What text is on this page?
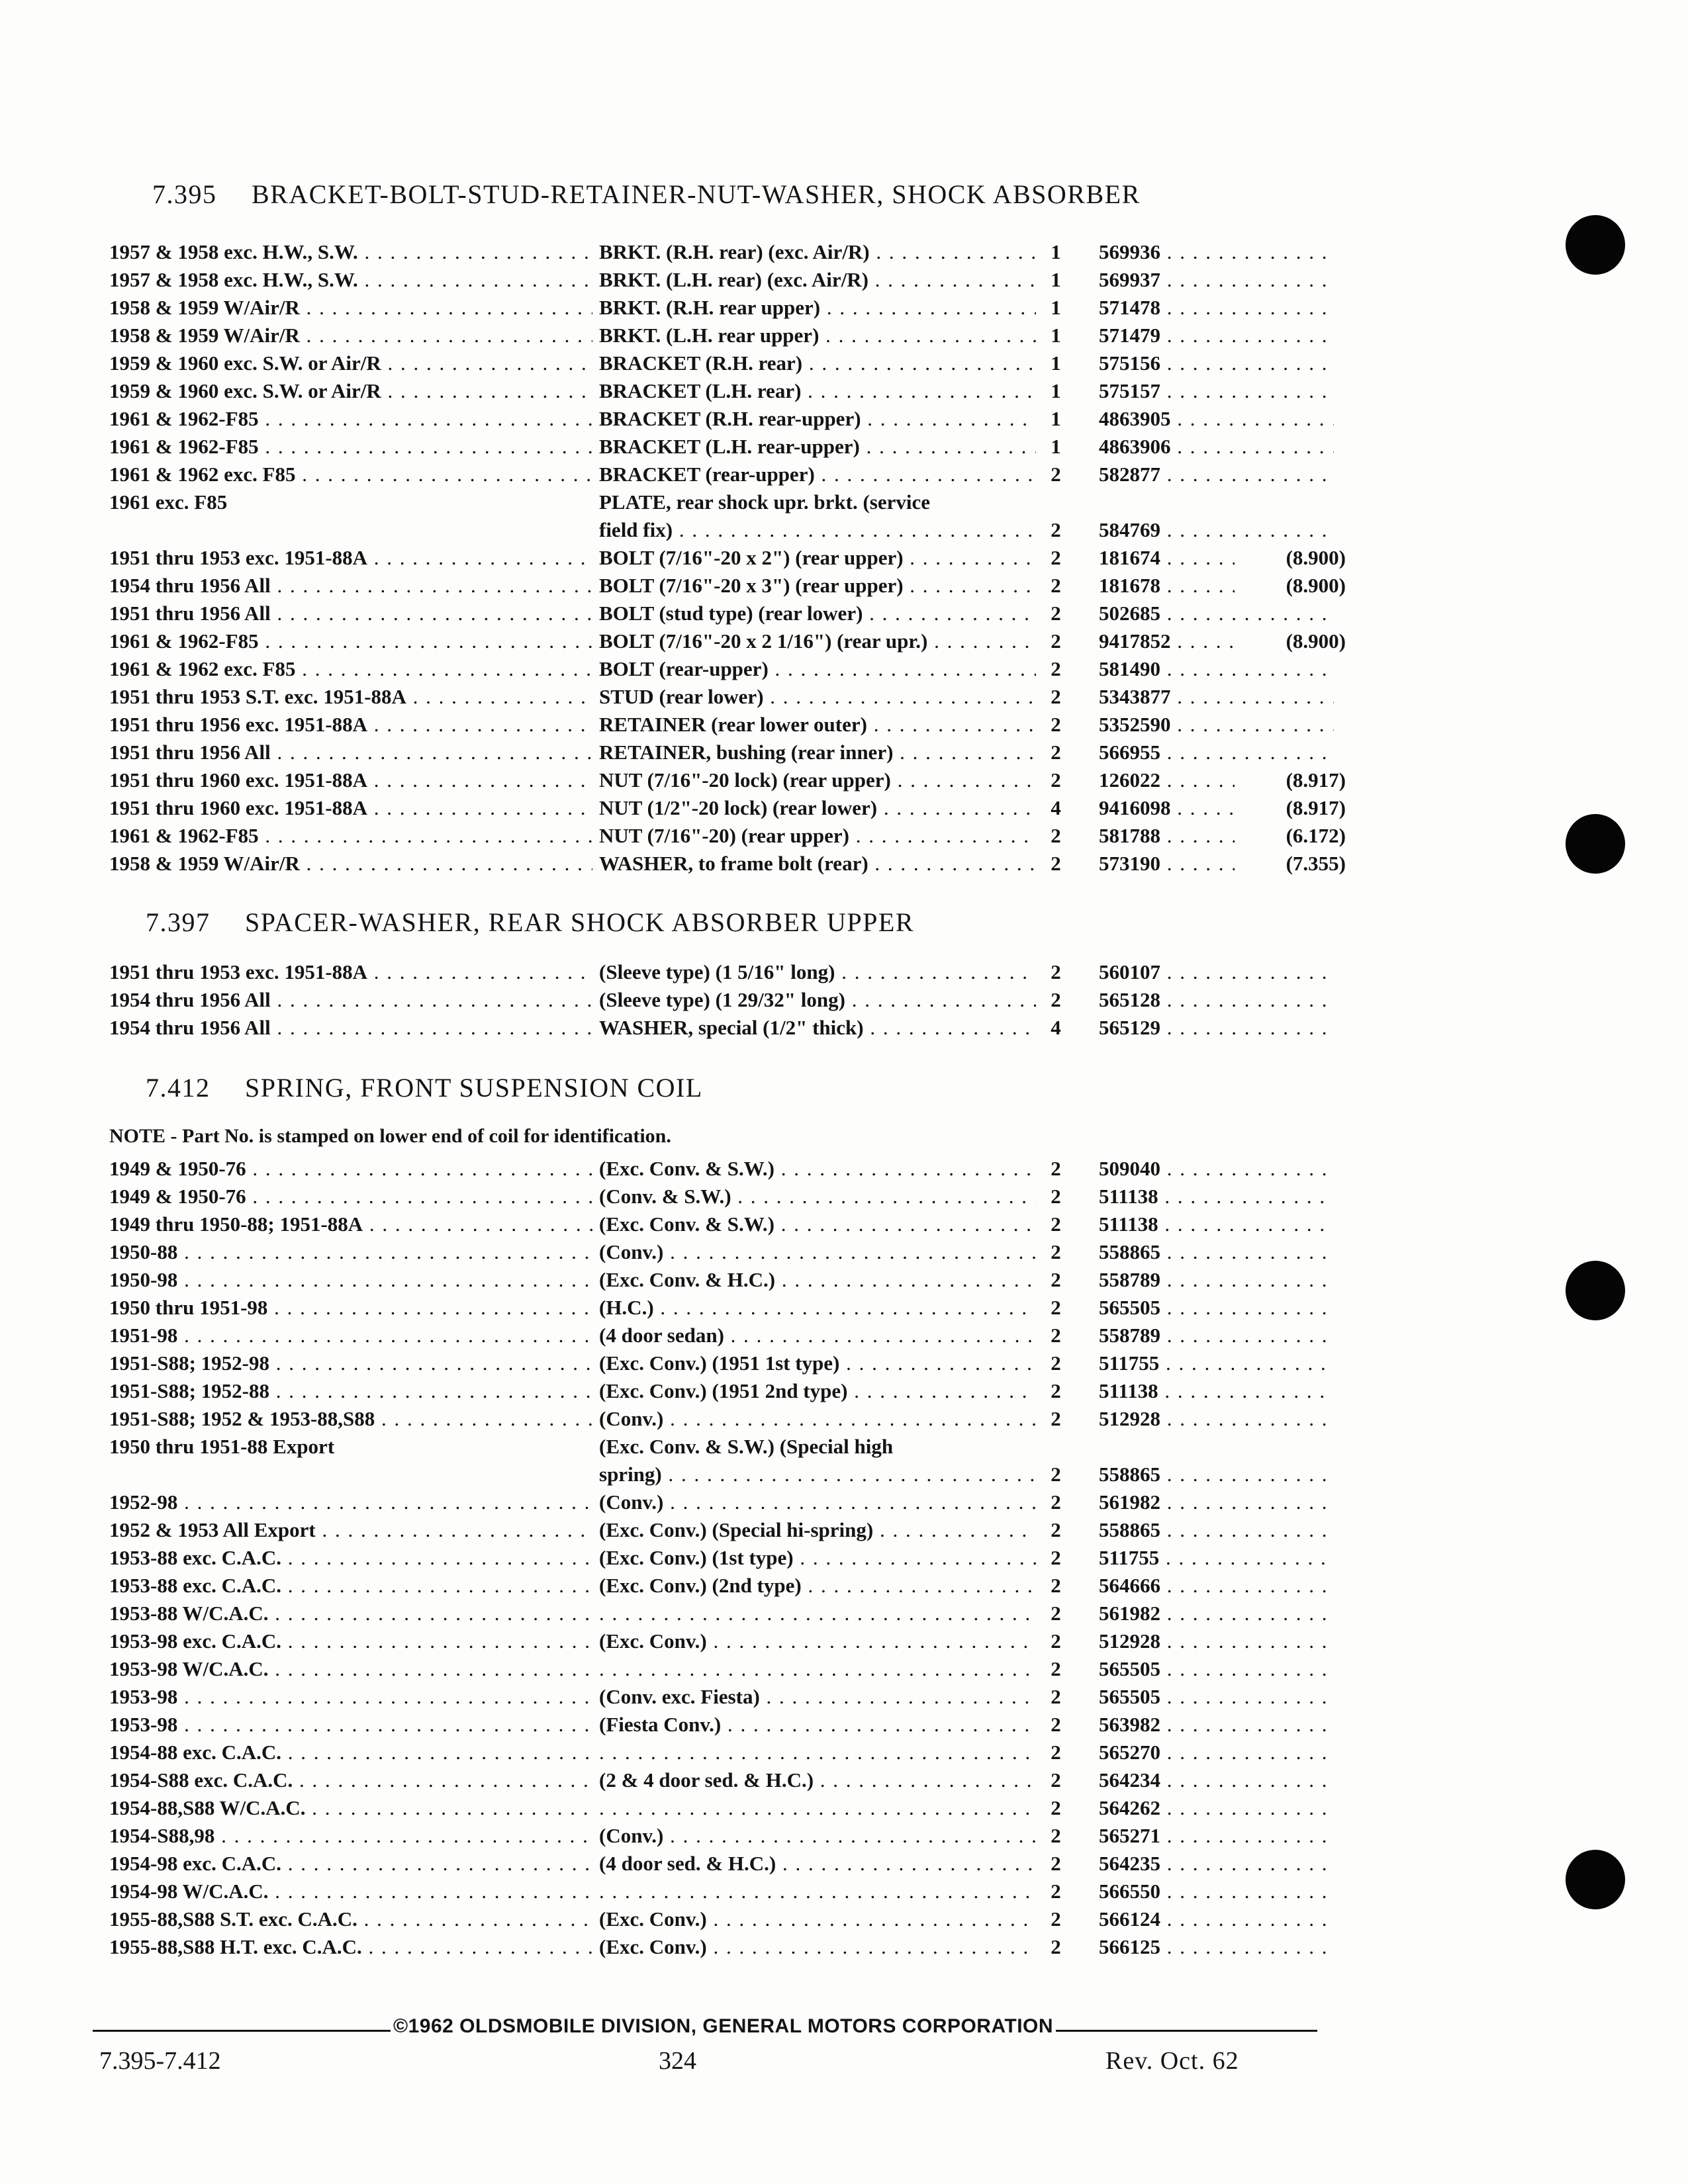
7.395 BRACKET-BOLT-STUD-RETAINER-NUT-WASHER, SHOCK ABSORBER
1957 & 1958 exc. H.W., S.W. . . .	BRKT. (R.H. rear) (exc. Air/R) . . .	1	569936 . . .
1957 & 1958 exc. H.W., S.W. . . .	BRKT. (L.H. rear) (exc. Air/R) . . .	1	569937 . . .
1958 & 1959 W/Air/R . . .	BRKT. (R.H. rear upper) . . .	1	571478 . . .
1958 & 1959 W/Air/R . . .	BRKT. (L.H. rear upper) . . .	1	571479 . . .
1959 & 1960 exc. S.W. or Air/R . . .	BRACKET (R.H. rear) . . .	1	575156 . . .
1959 & 1960 exc. S.W. or Air/R . . .	BRACKET (L.H. rear) . . .	1	575157 . . .
1961 & 1962-F85 . . .	BRACKET (R.H. rear-upper) . . .	1	4863905 . . .
1961 & 1962-F85 . . .	BRACKET (L.H. rear-upper) . . .	1	4863906 . . .
1961 & 1962 exc. F85 . . .	BRACKET (rear-upper) . . .	2	582877 . . .
1961 exc. F85	PLATE, rear shock upr. brkt. (service
field fix) . . .	2	584769 . . .
1951 thru 1953 exc. 1951-88A . . .	BOLT (7/16"-20 x 2") (rear upper) . . .	2	181674 . . .	(8.900)
1954 thru 1956 All . . .	BOLT (7/16"-20 x 3") (rear upper) . . .	2	181678 . . .	(8.900)
1951 thru 1956 All . . .	BOLT (stud type) (rear lower) . . .	2	502685 . . .
1961 & 1962-F85 . . .	BOLT (7/16"-20 x 2 1/16") (rear upr.) . . .	2	9417852 . . .	(8.900)
1961 & 1962 exc. F85 . . .	BOLT (rear-upper) . . .	2	581490 . . .
1951 thru 1953 S.T. exc. 1951-88A . . .	STUD (rear lower) . . .	2	5343877 . . .
1951 thru 1956 exc. 1951-88A . . .	RETAINER (rear lower outer) . . .	2	5352590 . . .
1951 thru 1956 All . . .	RETAINER, bushing (rear inner) . . .	2	566955 . . .
1951 thru 1960 exc. 1951-88A . . .	NUT (7/16"-20 lock) (rear upper) . . .	2	126022 . . .	(8.917)
1951 thru 1960 exc. 1951-88A . . .	NUT (1/2"-20 lock) (rear lower) . . .	4	9416098 . . .	(8.917)
1961 & 1962-F85 . . .	NUT (7/16"-20) (rear upper) . . .	2	581788 . . .	(6.172)
1958 & 1959 W/Air/R . . .	WASHER, to frame bolt (rear) . . .	2	573190 . . .	(7.355)
7.397 SPACER-WASHER, REAR SHOCK ABSORBER UPPER
1951 thru 1953 exc. 1951-88A . . .	(Sleeve type) (1 5/16" long) . . .	2	560107 . . .
1954 thru 1956 All . . .	(Sleeve type) (1 29/32" long) . . .	2	565128 . . .
1954 thru 1956 All . . .	WASHER, special (1/2" thick) . . .	4	565129 . . .
7.412 SPRING, FRONT SUSPENSION COIL
NOTE - Part No. is stamped on lower end of coil for identification.
1949 & 1950-76 . . .	(Exc. Conv. & S.W.) . . .	2	509040 . . .
1949 & 1950-76 . . .	(Conv. & S.W.) . . .	2	511138 . . .
1949 thru 1950-88; 1951-88A . . .	(Exc. Conv. & S.W.) . . .	2	511138 . . .
1950-88 . . .	(Conv.) . . .	2	558865 . . .
1950-98 . . .	(Exc. Conv. & H.C.) . . .	2	558789 . . .
1950 thru 1951-98 . . .	(H.C.) . . .	2	565505 . . .
1951-98 . . .	(4 door sedan) . . .	2	558789 . . .
1951-S88; 1952-98 . . .	(Exc. Conv.) (1951 1st type) . . .	2	511755 . . .
1951-S88; 1952-88 . . .	(Exc. Conv.) (1951 2nd type) . . .	2	511138 . . .
1951-S88; 1952 & 1953-88,S88 . . .	(Conv.) . . .	2	512928 . . .
1950 thru 1951-88 Export	(Exc. Conv. & S.W.) (Special high
spring) . . .	2	558865 . . .
1952-98 . . .	(Conv.) . . .	2	561982 . . .
1952 & 1953 All Export . . .	(Exc. Conv.) (Special hi-spring) . . .	2	558865 . . .
1953-88 exc. C.A.C. . . .	(Exc. Conv.) (1st type) . . .	2	511755 . . .
1953-88 exc. C.A.C. . . .	(Exc. Conv.) (2nd type) . . .	2	564666 . . .
1953-88 W/C.A.C. . . . . . .	2	561982 . . .
1953-98 exc. C.A.C. . . .	(Exc. Conv.) . . .	2	512928 . . .
1953-98 W/C.A.C. . . . . . .	2	565505 . . .
1953-98 . . .	(Conv. exc. Fiesta) . . .	2	565505 . . .
1953-98 . . .	(Fiesta Conv.) . . .	2	563982 . . .
1954-88 exc. C.A.C. . . . . . .	2	565270 . . .
1954-S88 exc. C.A.C. . . .	(2 & 4 door sed. & H.C.) . . .	2	564234 . . .
1954-88,S88 W/C.A.C. . . . . . .	2	564262 . . .
1954-S88,98 . . .	(Conv.) . . .	2	565271 . . .
1954-98 exc. C.A.C. . . .	(4 door sed. & H.C.) . . .	2	564235 . . .
1954-98 W/C.A.C. . . . . . .	2	566550 . . .
1955-88,S88 S.T. exc. C.A.C. . . .	(Exc. Conv.) . . .	2	566124 . . .
1955-88,S88 H.T. exc. C.A.C. . . .	(Exc. Conv.) . . .	2	566125 . . .
©1962 OLDSMOBILE DIVISION, GENERAL MOTORS CORPORATION
7.395-7.412	324	Rev. Oct. 62
